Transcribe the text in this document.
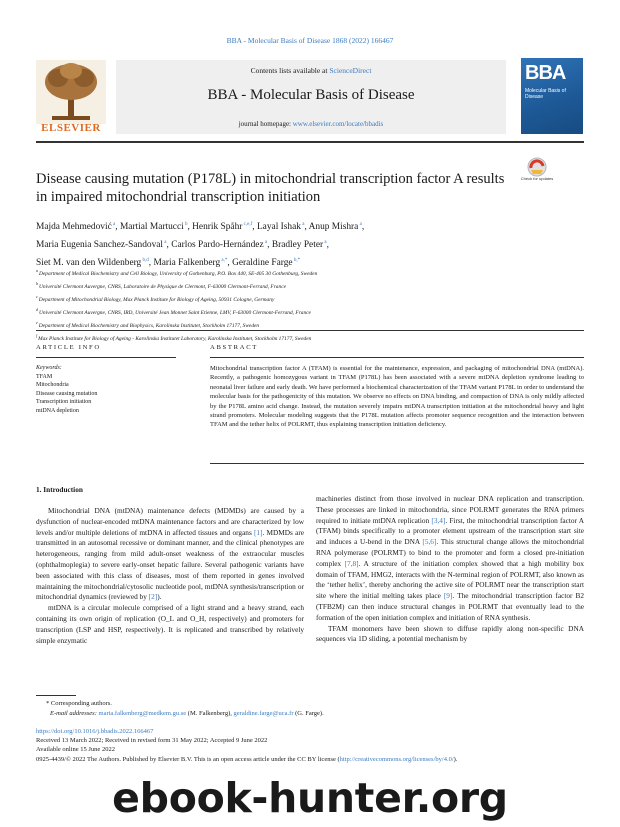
BBA - Molecular Basis of Disease 1868 (2022) 166467
Contents lists available at ScienceDirect
BBA - Molecular Basis of Disease
journal homepage: www.elsevier.com/locate/bbadis
ELSEVIER
BBA
Molecular Basis of Disease
Disease causing mutation (P178L) in mitochondrial transcription factor A results in impaired mitochondrial transcription initiation
Check for updates
Majda Mehmedović $^a$, Martial Martucci $^b$, Henrik Spåhr $^{c,e,f}$, Layal Ishak $^a$, Anup Mishra $^a$,
Maria Eugenia Sanchez-Sandoval $^a$, Carlos Pardo-Hernández $^a$, Bradley Peter $^a$,
Siet M. van den Wildenberg $^{b,d}$, Maria Falkenberg $^{a,*}$, Geraldine Farge $^{b,*}$
$^a$ Department of Medical Biochemistry and Cell Biology, University of Gothenburg, P.O. Box 440, SE-405 30 Gothenburg, Sweden
$^b$ Université Clermont Auvergne, CNRS, Laboratoire de Physique de Clermont, F-63000 Clermont-Ferrand, France
$^c$ Department of Mitochondrial Biology, Max Planck Institute for Biology of Ageing, 50931 Cologne, Germany
$^d$ Université Clermont Auvergne, CNRS, IRD, Université Jean Monnet Saint Etienne, LMV, F-63000 Clermont-Ferrand, France
$^e$ Department of Medical Biochemistry and Biophysics, Karolinska Institutet, Stockholm 17177, Sweden
$^f$ Max Planck Institute for Biology of Ageing - Karolinska Institutet Laboratory, Karolinska Institutet, Stockholm 17177, Sweden
ARTICLE INFO	ABSTRACT
Keywords:
TFAM
Mitochondria
Disease causing mutation
Transcription initiation
mtDNA depletion
Mitochondrial transcription factor A (TFAM) is essential for the maintenance, expression, and packaging of mitochondrial DNA (mtDNA). Recently, a pathogenic homozygous variant in TFAM (P178L) has been associated with a severe mtDNA depletion syndrome leading to neonatal liver failure and early death. We have performed a biochemical characterization of the TFAM variant P178L in order to understand the molecular basis for the pathogenicity of this mutation. We observe no effects on DNA binding, and compaction of DNA is only mildly affected by the P178L amino acid change. Instead, the mutation severely impairs mtDNA transcription initiation at the mitochondrial heavy and light strand promoters. Molecular modeling suggests that the P178L mutation affects promoter sequence recognition and the interaction between TFAM and the tether helix of POLRMT, thus explaining transcription initiation deficiency.
1. Introduction

Mitochondrial DNA (mtDNA) maintenance defects (MDMDs) are caused by a dysfunction of nuclear-encoded mtDNA maintenance factors and are characterized by low levels and/or multiple deletions of mtDNA in affected tissues and organs [1]. MDMDs are transmitted in an autosomal recessive or dominant manner, and the clinical phenotypes are heterogeneous, ranging from mild adult-onset weakness of the extraocular muscles (ophthalmoplegia) to severe early-onset hepatic failure. Several pathogenic variants have been associated with this class of diseases, most of them reported in genes involved maintaining the mitochondrial/cytosolic nucleotide pool, mtDNA synthesis/transcription or mitochondrial dynamics (reviewed by [2]).

mtDNA is a circular molecule comprised of a light strand and a heavy strand, each containing its own origin of replication (O_L and O_H, respectively) and promoters for transcription (LSP and HSP, respectively). It is replicated and transcribed by relatively simple enzymatic

machineries distinct from those involved in nuclear DNA replication and transcription. These processes are linked in mitochondria, since POLRMT generates the RNA primers required to initiate mtDNA replication [3,4]. First, the mitochondrial transcription factor A (TFAM) binds specifically to a promoter element upstream of the transcription start site and induces a U-bend in the DNA [5,6]. This structural change allows the mitochondrial RNA polymerase (POLRMT) to bind to the promoter and form a closed pre-initiation complex [7,8]. A structure of the initiation complex showed that a high mobility box domain of TFAM, HMG2, interacts with the N-terminal region of POLRMT, also known as the ‘tether helix’, thereby anchoring the active site of POLRMT near the transcription start site where the initial melting takes place [9]. The mitochondrial transcription factor B2 (TFB2M) can then induce structural changes in POLRMT that eventually lead to the formation of the open initiation complex and initiation of RNA synthesis.

TFAM monomers have been shown to diffuse rapidly along non-specific DNA sequences via 1D sliding, a potential mechanism by

* Corresponding authors.
E-mail addresses: maria.falkenberg@medkem.gu.se (M. Falkenberg), geraldine.farge@uca.fr (G. Farge).
https://doi.org/10.1016/j.bbadis.2022.166467
Received 13 March 2022; Received in revised form 31 May 2022; Accepted 9 June 2022
Available online 15 June 2022
0925-4439/© 2022 The Authors. Published by Elsevier B.V. This is an open access article under the CC BY license (http://creativecommons.org/licenses/by/4.0/).
ebook-hunter.org
